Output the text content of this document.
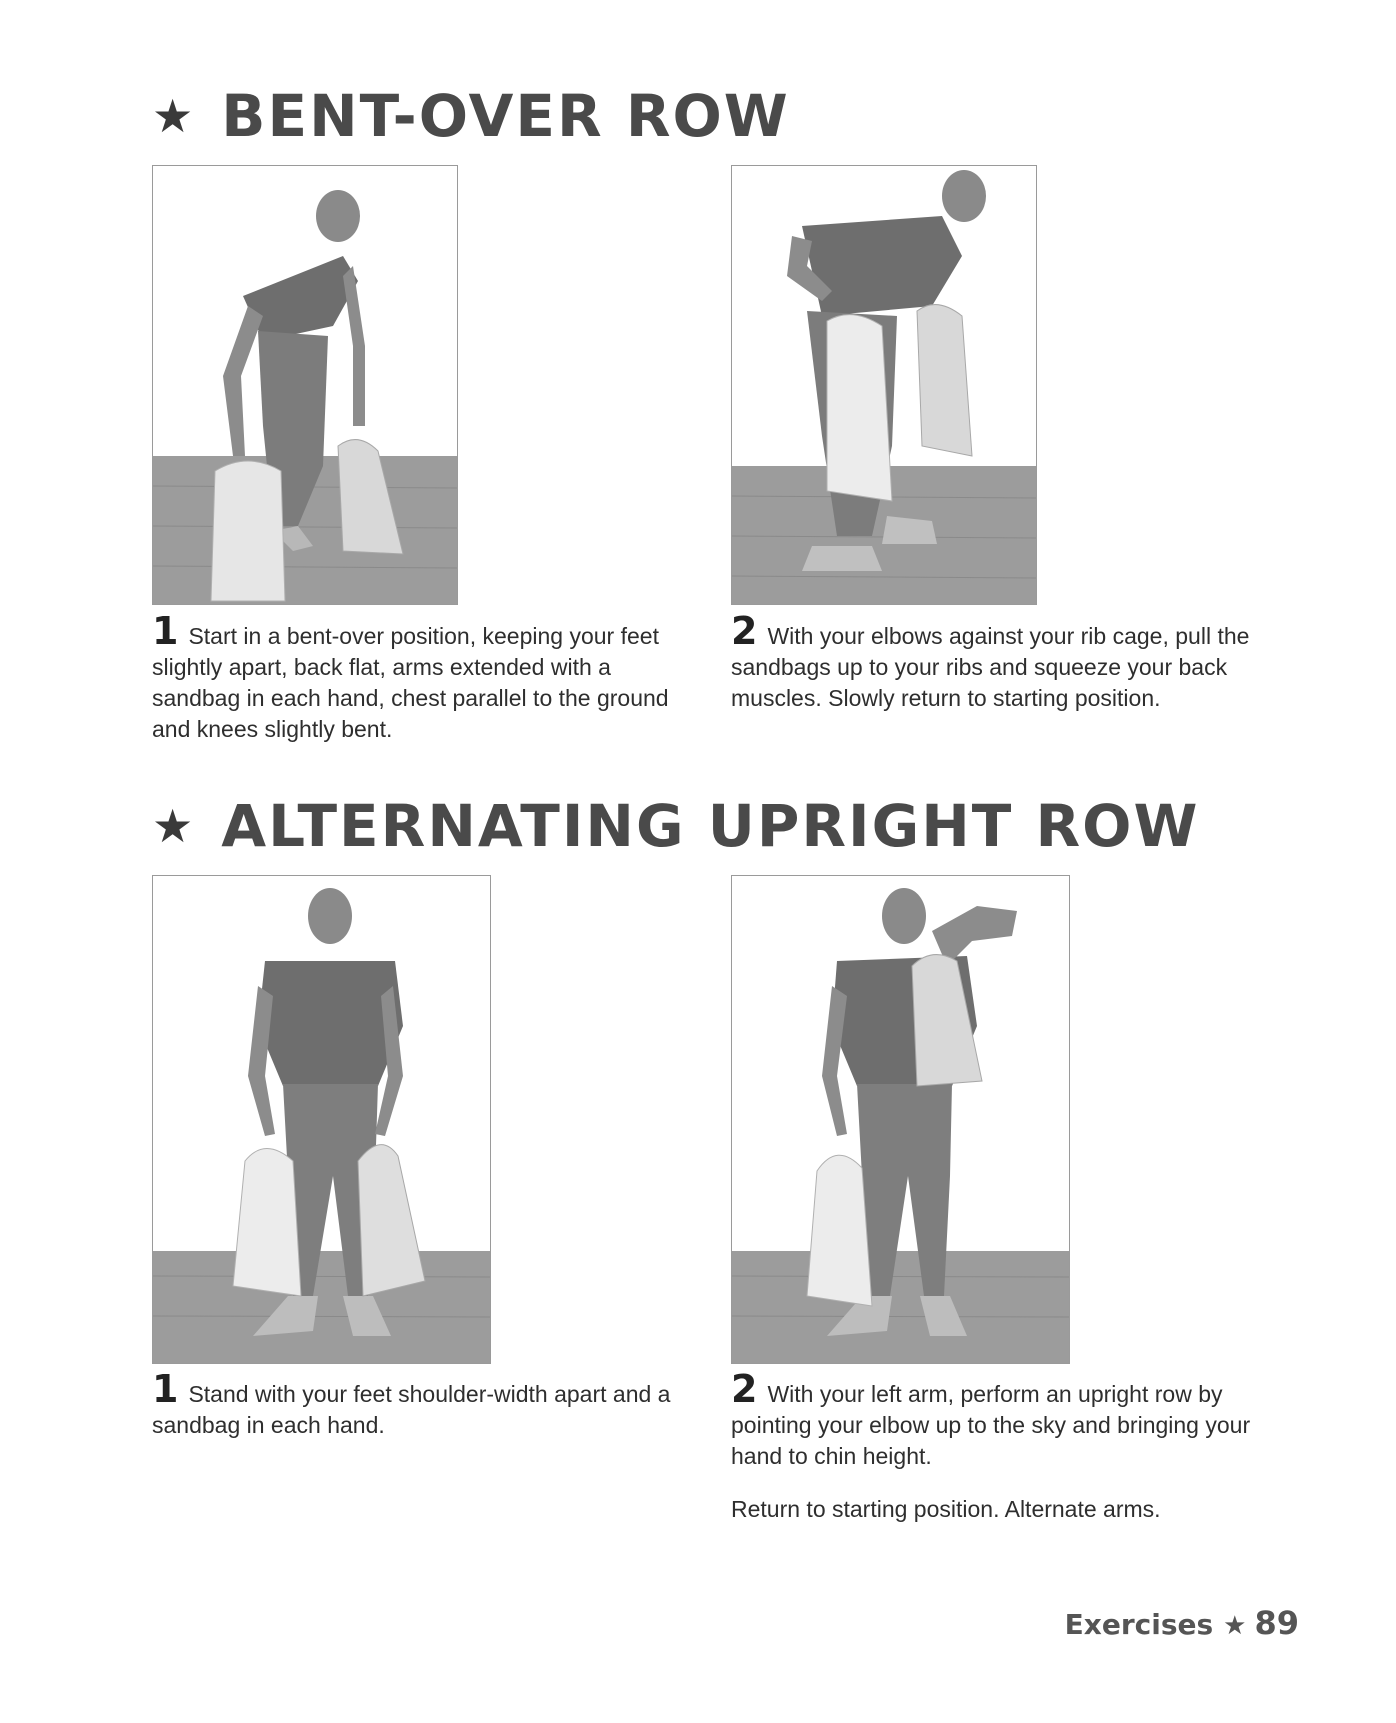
★ BENT-OVER ROW

1 Start in a bent-over position, keeping your feet slightly apart, back flat, arms extended with a sandbag in each hand, chest parallel to the ground and knees slightly bent.

2 With your elbows against your rib cage, pull the sandbags up to your ribs and squeeze your back muscles. Slowly return to starting position.

★ ALTERNATING UPRIGHT ROW

1 Stand with your feet shoulder-width apart and a sandbag in each hand.

2 With your left arm, perform an upright row by pointing your elbow up to the sky and bringing your hand to chin height.

Return to starting position. Alternate arms.

Exercises ★ 89
